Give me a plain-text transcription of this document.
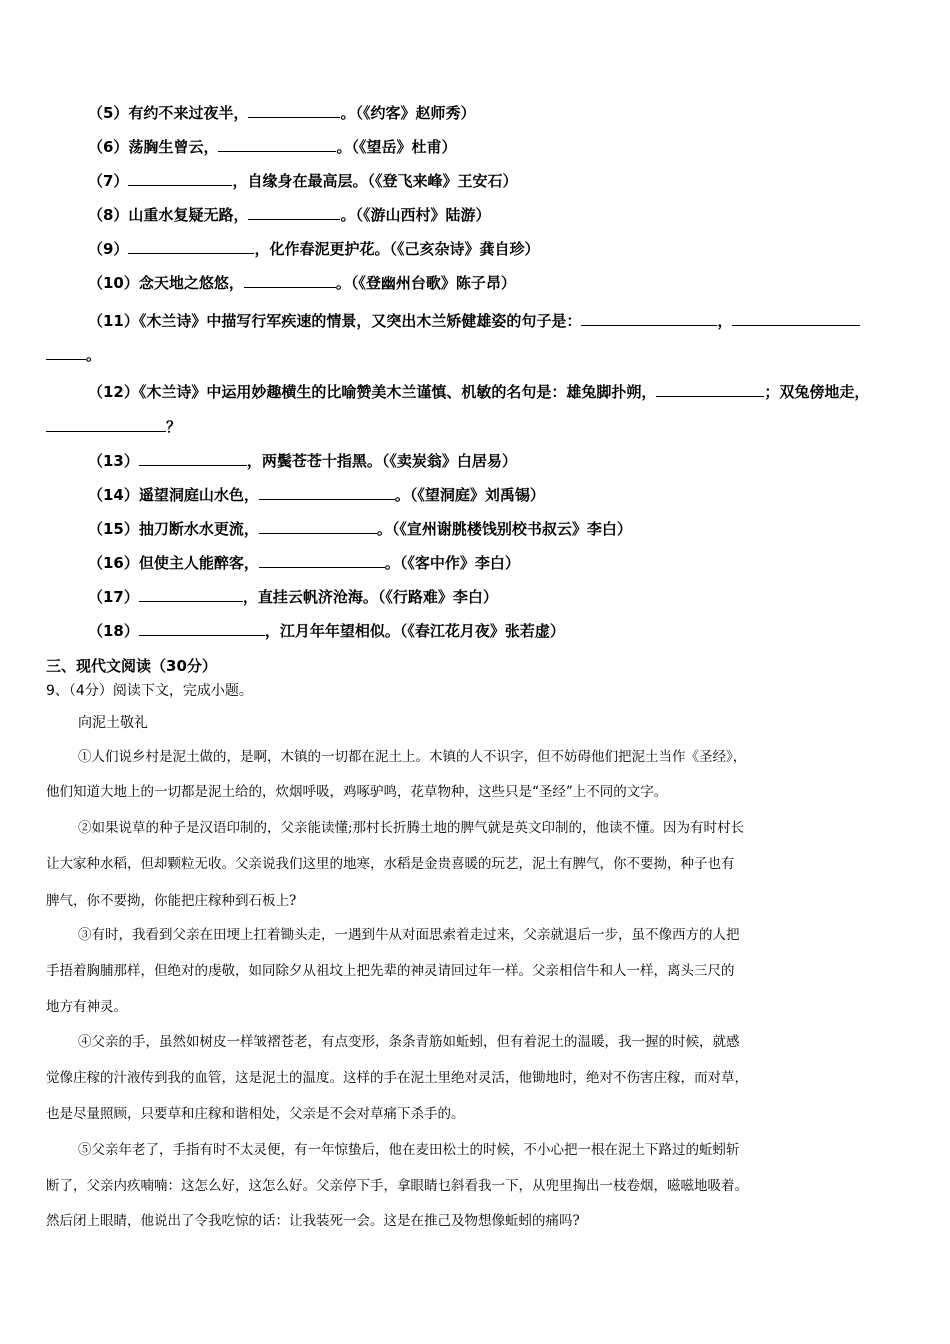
（5）有约不来过夜半，	。（《约客》赵师秀）
（6）荡胸生曾云，	。（《望岳》杜甫）
（7）	，自缘身在最高层。（《登飞来峰》王安石）
（8）山重水复疑无路，	。（《游山西村》陆游）
（9）	，化作春泥更护花。（《己亥杂诗》龚自珍）
（10）念天地之悠悠，	。（《登幽州台歌》陈子昂）
（11）《木兰诗》中描写行军疾速的情景，又突出木兰矫健雄姿的句子是：	，
。
（12）《木兰诗》中运用妙趣横生的比喻赞美木兰谨慎、机敏的名句是：雄兔脚扑朔，	；双兔傍地走，
？
（13）	，两鬓苍苍十指黑。（《卖炭翁》白居易）
（14）遥望洞庭山水色，	。（《望洞庭》刘禹锡）
（15）抽刀断水水更流，	。（《宣州谢朓楼饯别校书叔云》李白）
（16）但使主人能醉客，	。（《客中作》李白）
（17）	，直挂云帆济沧海。（《行路难》李白）
（18）	，江月年年望相似。（《春江花月夜》张若虚）
三、现代文阅读（30分）
9、（4分）阅读下文，完成小题。
向泥土敬礼
①人们说乡村是泥土做的，是啊，木镇的一切都在泥土上。木镇的人不识字，但不妨碍他们把泥土当作《圣经》，
他们知道大地上的一切都是泥土给的，炊烟呼吸，鸡啄驴鸣，花草物种，这些只是“圣经”上不同的文字。
②如果说草的种子是汉语印制的，父亲能读懂;那村长折腾土地的脾气就是英文印制的，他读不懂。因为有时村长
让大家种水稻，但却颗粒无收。父亲说我们这里的地寒，水稻是金贵喜暖的玩艺，泥土有脾气，你不要拗，种子也有
脾气，你不要拗，你能把庄稼种到石板上?
③有时，我看到父亲在田埂上扛着锄头走，一遇到牛从对面思索着走过来，父亲就退后一步，虽不像西方的人把
手捂着胸脯那样，但绝对的虔敬，如同除夕从祖坟上把先辈的神灵请回过年一样。父亲相信牛和人一样，离头三尺的
地方有神灵。
④父亲的手，虽然如树皮一样皱褶苍老，有点变形，条条青筋如蚯蚓，但有着泥土的温暖，我一握的时候，就感
觉像庄稼的汁液传到我的血管，这是泥土的温度。这样的手在泥土里绝对灵活，他锄地时，绝对不伤害庄稼，而对草，
也是尽量照顾，只要草和庄稼和谐相处，父亲是不会对草痛下杀手的。
⑤父亲年老了，手指有时不太灵便，有一年惊蛰后，他在麦田松土的时候，不小心把一根在泥土下路过的蚯蚓斩
断了，父亲内疚喃喃：这怎么好，这怎么好。父亲停下手，拿眼睛乜斜看我一下，从兜里掏出一枝卷烟，嗞嗞地吸着。
然后闭上眼睛，他说出了令我吃惊的话：让我装死一会。这是在推己及物想像蚯蚓的痛吗?
